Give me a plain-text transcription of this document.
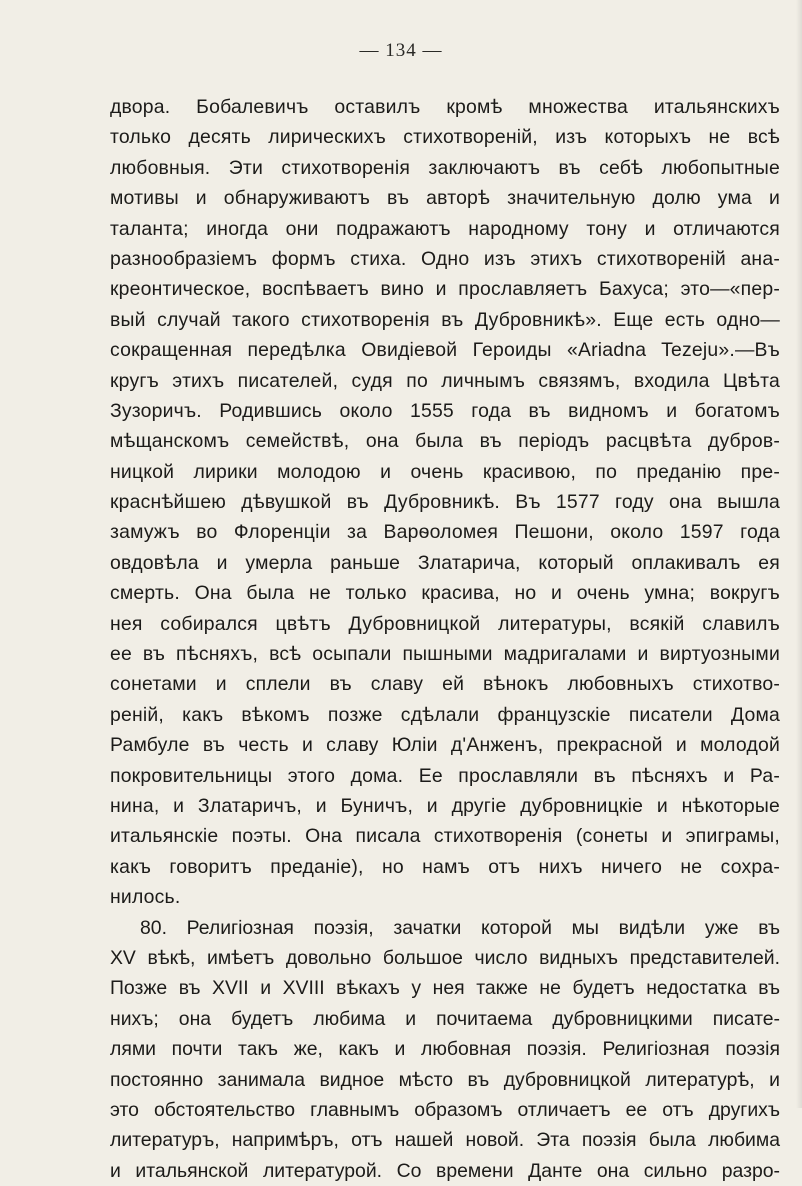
— 134 —
двора. Бобалевичъ оставилъ кромѣ множества итальянскихъ
только десять лирическихъ стихотвореній, изъ которыхъ не всѣ
любовныя. Эти стихотворенія заключаютъ въ себѣ любопытные
мотивы и обнаруживаютъ въ авторѣ значительную долю ума и
таланта; иногда они подражаютъ народному тону и отличаются
разнообразіемъ формъ стиха. Одно изъ этихъ стихотвореній ана-
креонтическое, воспѣваетъ вино и прославляетъ Бахуса; это—«пер-
вый случай такого стихотворенія въ Дубровникѣ». Еще есть одно—
сокращенная передѣлка Овидіевой Героиды «Ariadna Tezeju».—Въ
кругъ этихъ писателей, судя по личнымъ связямъ, входила Цвѣта
Зузоричъ. Родившись около 1555 года въ видномъ и богатомъ
мѣщанскомъ семействѣ, она была въ періодъ расцвѣта дубров-
ницкой лирики молодою и очень красивою, по преданію пре-
краснѣйшею дѣвушкой въ Дубровникѣ. Въ 1577 году она вышла
замужъ во Флоренціи за Варѳоломея Пешони, около 1597 года
овдовѣла и умерла раньше Златарича, который оплакивалъ ея
смерть. Она была не только красива, но и очень умна; вокругъ
нея собирался цвѣтъ Дубровницкой литературы, всякій славилъ
ее въ пѣсняхъ, всѣ осыпали пышными мадригалами и виртуозными
сонетами и сплели въ славу ей вѣнокъ любовныхъ стихотво-
реній, какъ вѣкомъ позже сдѣлали французскіе писатели Дома
Рамбуле въ честь и славу Юліи д'Анженъ, прекрасной и молодой
покровительницы этого дома. Ее прославляли въ пѣсняхъ и Ра-
нина, и Златаричъ, и Буничъ, и другіе дубровницкіе и нѣкоторые
итальянскіе поэты. Она писала стихотворенія (сонеты и эпиграмы,
какъ говоритъ преданіе), но намъ отъ нихъ ничего не сохра-
нилось.
80. Религіозная поэзія, зачатки которой мы видѣли уже въ
XV вѣкѣ, имѣетъ довольно большое число видныхъ представителей.
Позже въ XVII и XVIII вѣкахъ у нея также не будетъ недостатка въ
нихъ; она будетъ любима и почитаема дубровницкими писате-
лями почти такъ же, какъ и любовная поэзія. Религіозная поэзія
постоянно занимала видное мѣсто въ дубровницкой литературѣ, и
это обстоятельство главнымъ образомъ отличаетъ ее отъ другихъ
литературъ, напримѣръ, отъ нашей новой. Эта поэзія была любима
и итальянской литературой. Со времени Данте она сильно разро-
